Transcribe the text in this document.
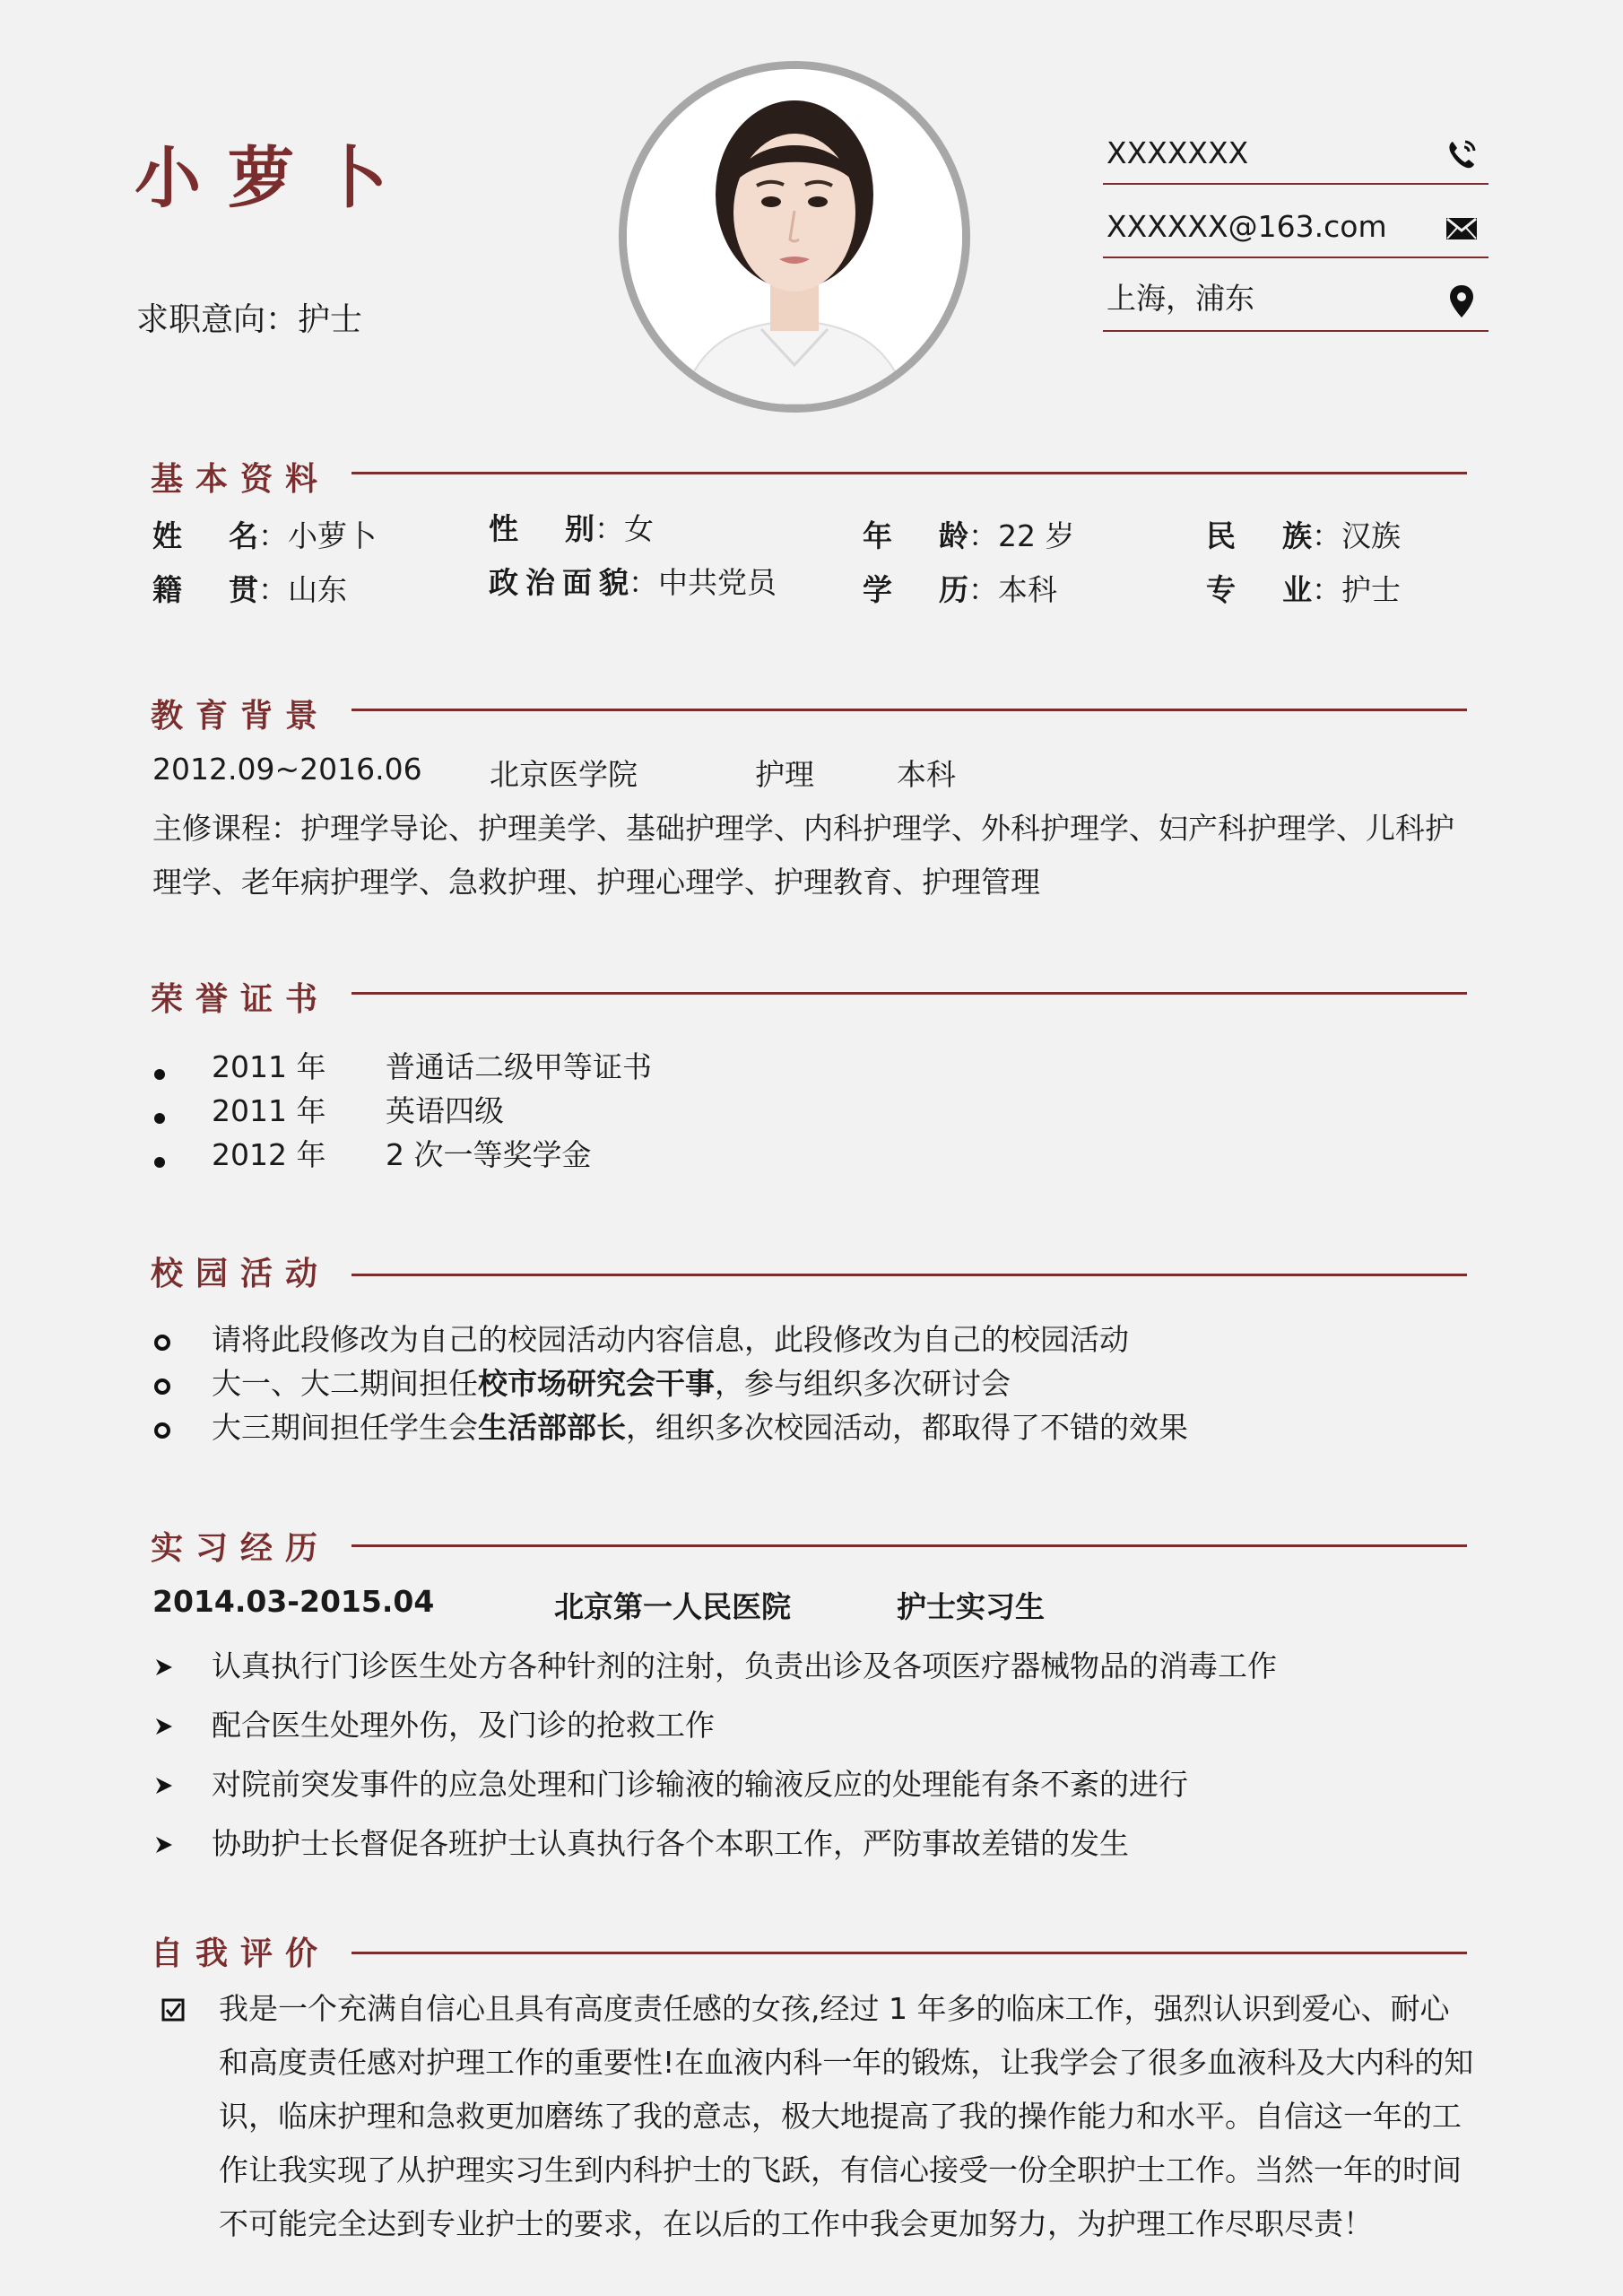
小萝卜
求职意向：护士
XXXXXXX
XXXXXX@163.com
上海，浦东
基本资料
姓名：小萝卜	性别：女	年龄：22 岁	民族：汉族
籍贯：山东	政治面貌：中共党员	学历：本科	专业：护士
教育背景
2012.09~2016.06 北京医学院	护理	本科
主修课程：护理学导论、护理美学、基础护理学、内科护理学、外科护理学、妇产科护理学、儿科护
理学、老年病护理学、急救护理、护理心理学、护理教育、护理管理
荣誉证书
2011 年 普通话二级甲等证书
2011 年 英语四级
2012 年 2 次一等奖学金
校园活动
请将此段修改为自己的校园活动内容信息，此段修改为自己的校园活动
大一、大二期间担任校市场研究会干事，参与组织多次研讨会
大三期间担任学生会生活部部长，组织多次校园活动，都取得了不错的效果
实习经历
2014.03-2015.04	北京第一人民医院	护士实习生
认真执行门诊医生处方各种针剂的注射，负责出诊及各项医疗器械物品的消毒工作
配合医生处理外伤，及门诊的抢救工作
对院前突发事件的应急处理和门诊输液的输液反应的处理能有条不紊的进行
协助护士长督促各班护士认真执行各个本职工作，严防事故差错的发生
自我评价
我是一个充满自信心且具有高度责任感的女孩,经过 1 年多的临床工作，强烈认识到爱心、耐心和高度责任感对护理工作的重要性!在血液内科一年的锻炼，让我学会了很多血液科及大内科的知识，临床护理和急救更加磨练了我的意志，极大地提高了我的操作能力和水平。自信这一年的工作让我实现了从护理实习生到内科护士的飞跃，有信心接受一份全职护士工作。当然一年的时间不可能完全达到专业护士的要求，在以后的工作中我会更加努力，为护理工作尽职尽责！
